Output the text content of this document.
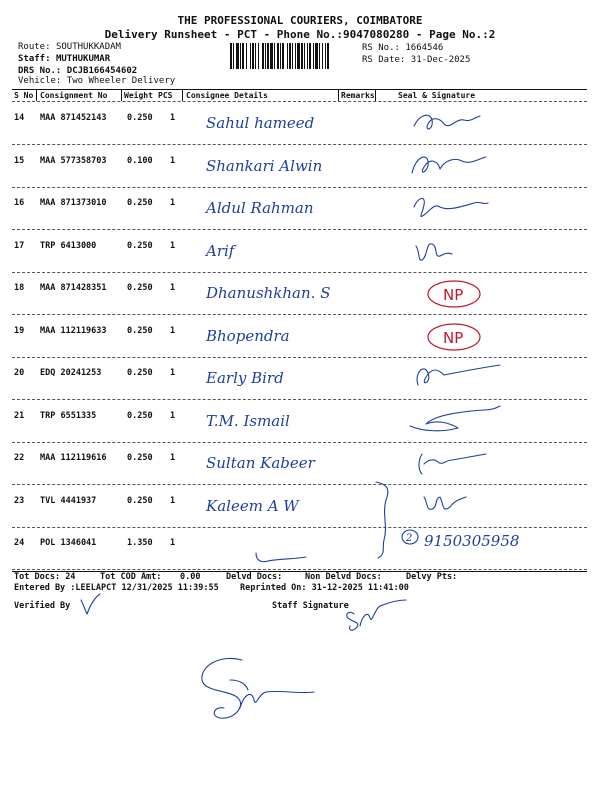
THE PROFESSIONAL COURIERS, COIMBATORE
Delivery Runsheet - PCT - Phone No.:9047080280 - Page No.:2
Route: SOUTHUKKADAM
Staff: MUTHUKUMAR
DRS No.: DCJB166454602
Vehicle: Two Wheeler Delivery
RS No.: 1664546
RS Date: 31-Dec-2025
S No Consignment No Weight PCS Consignee Details	Remarks	Seal & Signature
14 MAA 871452143 0.250 1 Sahul hameed
15 MAA 577358703 0.100 1 Shankari Alwin
16 MAA 871373010 0.250 1 Aldul Rahman
17 TRP 6413000	0.250 1 Arif
18 MAA 871428351 0.250 1 Dhanushkhan. S	NP
19 MAA 112119633 0.250 1 Bhopendra	NP
20 EDQ 20241253	0.250 1 Early Bird
21 TRP 6551335	0.250 1 T.M. Ismail
22 MAA 112119616 0.250 1 Sultan Kabeer
23 TVL 4441937	0.250 1 Kaleem A W
24 POL 1346041	1.350 1	2 9150305958
Tot Docs: 24	Tot COD Amt: 0.00	Delvd Docs:	Non Delvd Docs:	Delvy Pts:
Entered By :LEELAPCT 12/31/2025 11:39:55	Reprinted On: 31-12-2025 11:41:00
Verified By	Staff Signature
